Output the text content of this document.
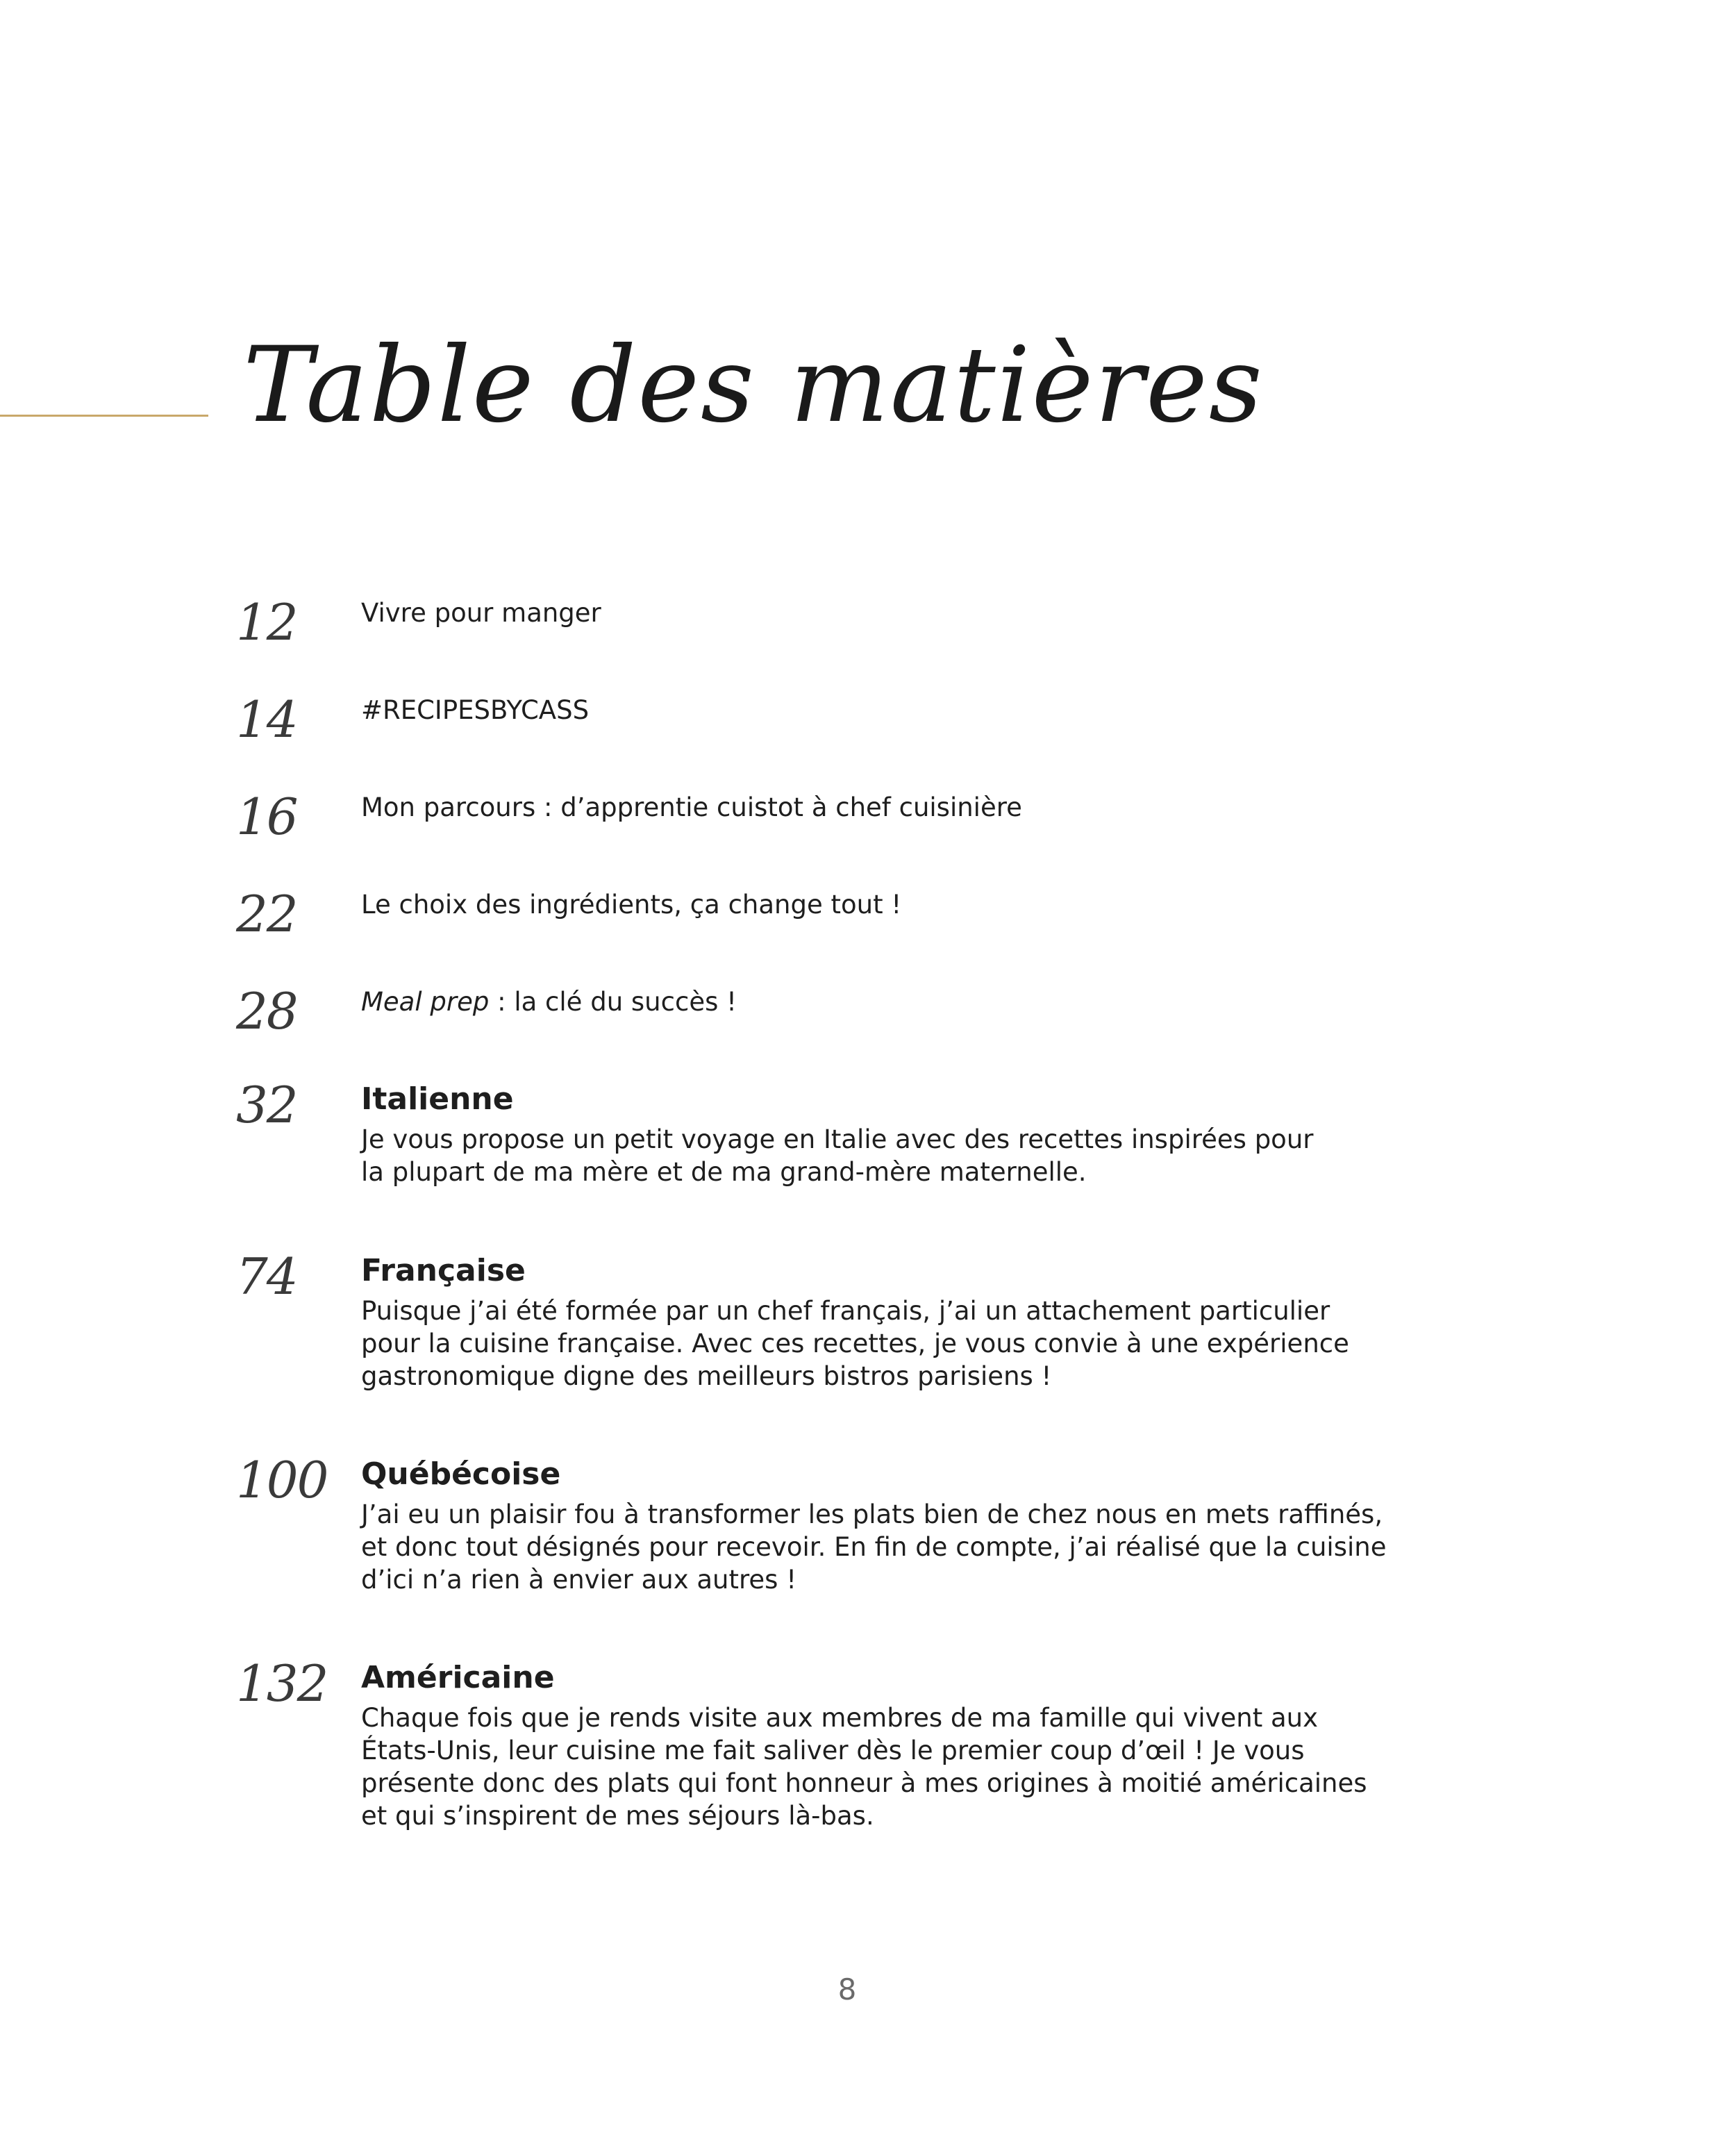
Table des matières
12 Vivre pour manger
14 #RECIPESBYCASS
16 Mon parcours : d’apprentie cuistot à chef cuisinière
22 Le choix des ingrédients, ça change tout !
28 Meal prep : la clé du succès !
32 Italienne
Je vous propose un petit voyage en Italie avec des recettes inspirées pour
la plupart de ma mère et de ma grand-mère maternelle.
74 Française
Puisque j’ai été formée par un chef français, j’ai un attachement particulier
pour la cuisine française. Avec ces recettes, je vous convie à une expérience
gastronomique digne des meilleurs bistros parisiens !
100 Québécoise
J’ai eu un plaisir fou à transformer les plats bien de chez nous en mets raffinés,
et donc tout désignés pour recevoir. En fin de compte, j’ai réalisé que la cuisine
d’ici n’a rien à envier aux autres !
132 Américaine
Chaque fois que je rends visite aux membres de ma famille qui vivent aux
États-Unis, leur cuisine me fait saliver dès le premier coup d’œil ! Je vous
présente donc des plats qui font honneur à mes origines à moitié américaines
et qui s’inspirent de mes séjours là-bas.
8
